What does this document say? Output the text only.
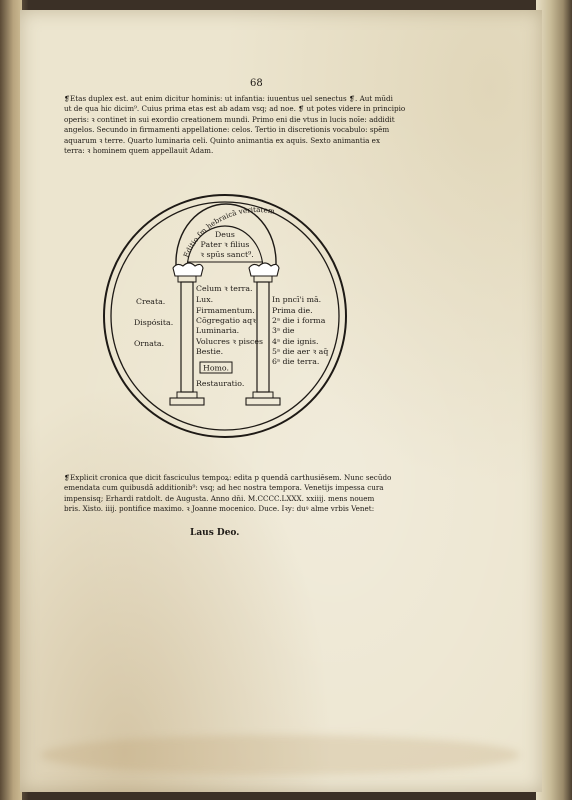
68

❡Etas duplex est. aut enim dicitur hominis: ut infantia: iuuentus uel senectus ❡. Aut mūdi

ut de qua hic dicim⁹. Cuius prima etas est ab adam vsq; ad noe. ❡ ut potes videre in principio

operis: ꝛ continet in sui exordio creationem mundi. Primo eni die vtus in lucis noīe: addidit

angelos. Secundo in firmamenti appellatione: celos. Tertio in discretionis vocabulo: spēm

aquarum ꝛ terre. Quarto luminaria celi. Quinto animantia ex aquis. Sexto animantia ex

terra: ꝛ hominem quem appellauit Adam.

Editio ſm hebraicā veritatem
Deus
Pater ꝛ filius
ꝛ spūs sanct⁹.
Creata.
Dispósita.
Ornata.
Celum ꝛ terra.
Lux.
Firmamentum.
Cōgregatio aqꝛ
Luminaria.
Volucres ꝛ pisces
Bestie.
Homo.
Restauratio.
In pncī'i mā.
Prima die.
2ᵃ die i forma
3ᵃ die
4ᵃ die ignis.
5ᵃ die aer ꝛ aq̄
6ᵃ die terra.

❡Explicit cronica que dicit fasciculus tempoꝝ: edita p quendā carthusiēsem. Nunc secūdo

emendata cum quibusdā additionib⁹: vsq; ad hec nostra tempora. Venetijs impessa cura

impensisq; Erhardi ratdolt. de Augusta. Anno dn̄i. M.CCCC.LXXX. xxiiij. mens nouem

bris. Xisto. iiij. pontifice maximo. ꝛ Joanne mocenico. Duce. Iꝛy: duꝰ alme vrbis Venet:

Laus Deo.
